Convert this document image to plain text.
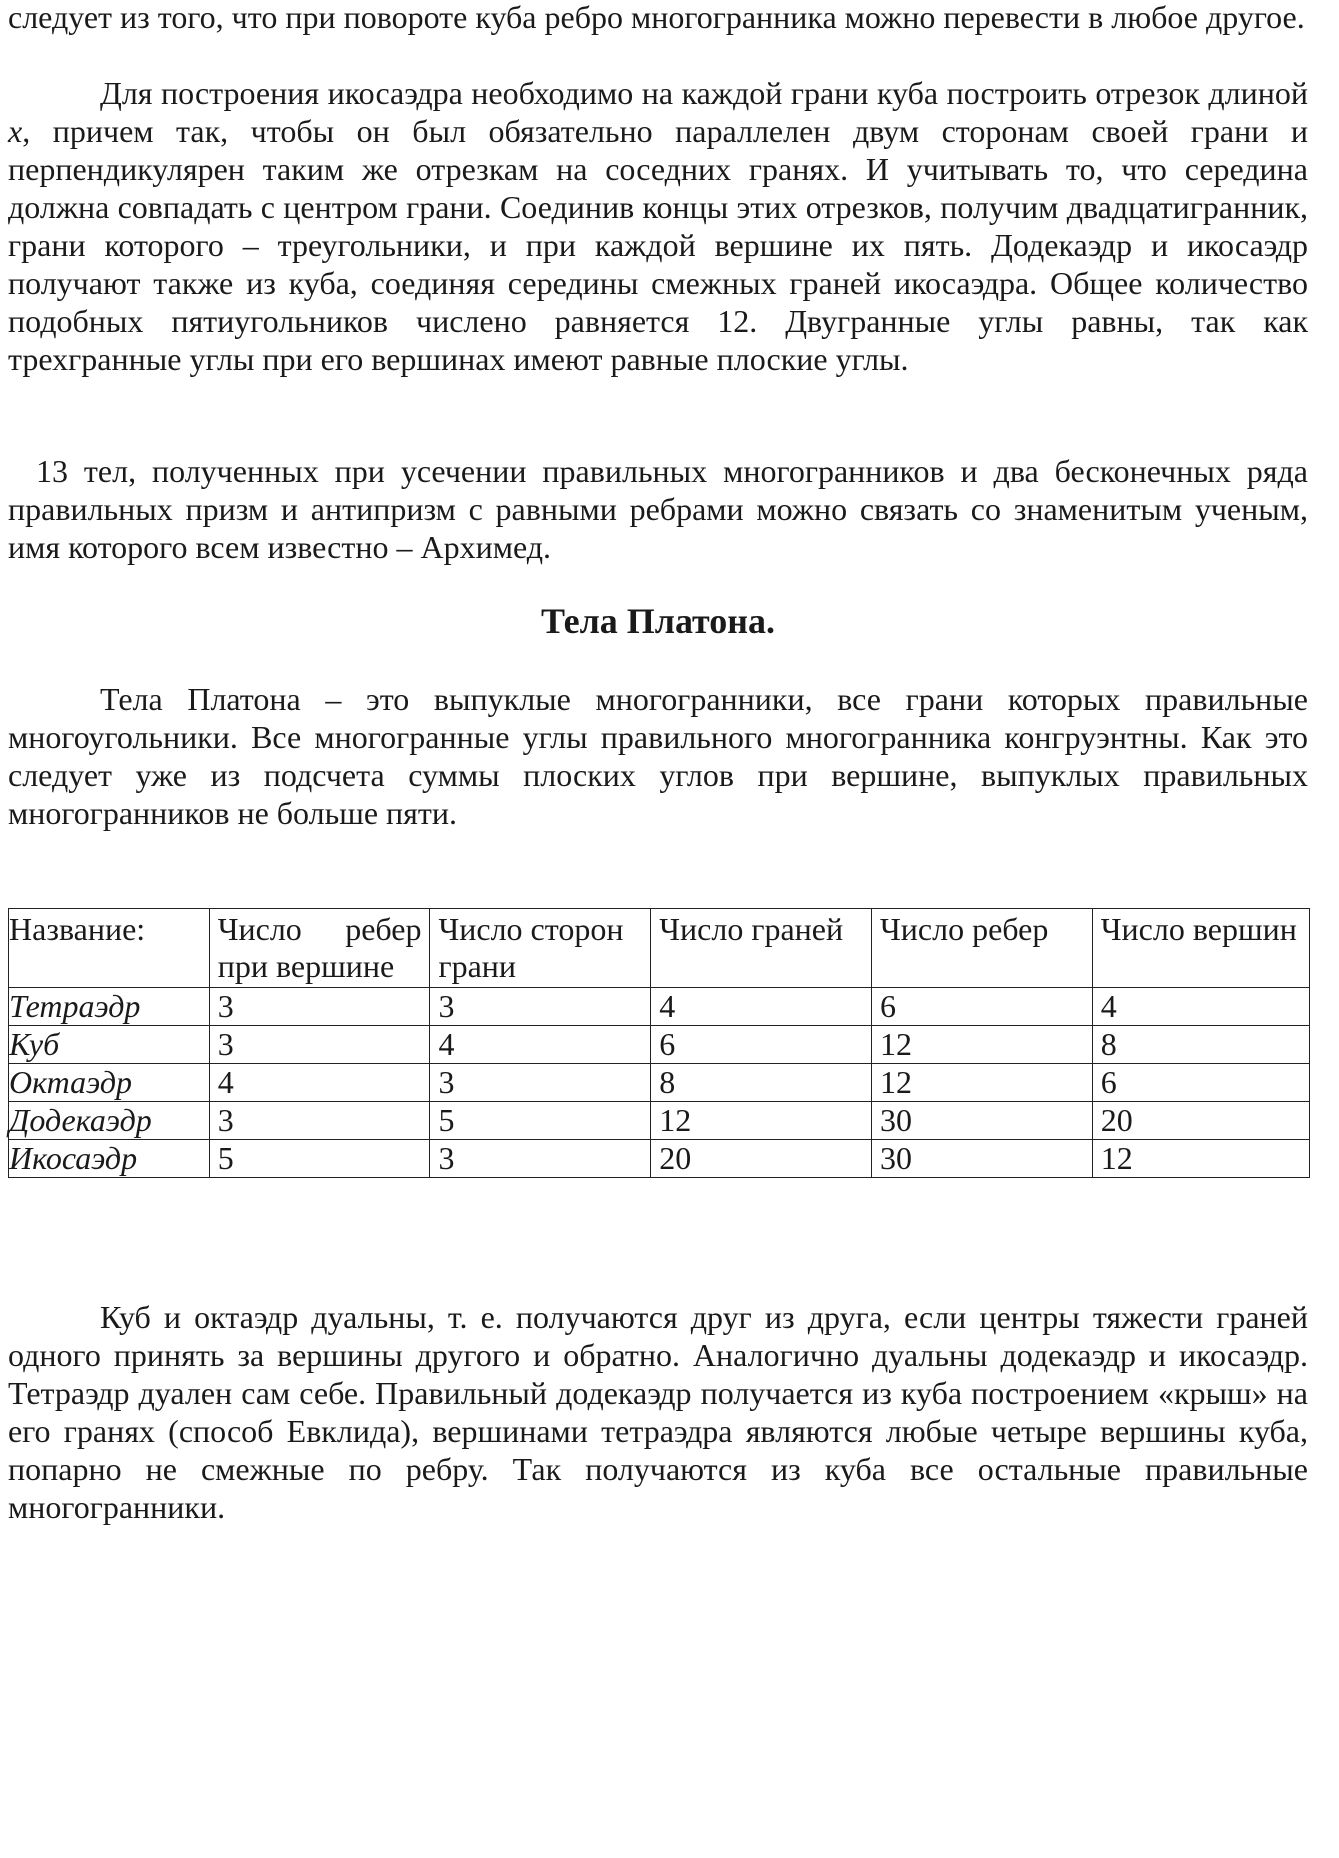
следует из того, что при повороте куба ребро многогранника можно перевести в любое другое.

Для построения икосаэдра необходимо на каждой грани куба построить отрезок длиной x, причем так, чтобы он был обязательно параллелен двум сторонам своей грани и перпендикулярен таким же отрезкам на соседних гранях. И учитывать то, что середина должна совпадать с центром грани. Соединив концы этих отрезков, получим двадцатигранник, грани которого – треугольники, и при каждой вершине их пять. Додекаэдр и икосаэдр получают также из куба, соединяя середины смежных граней икосаэдра. Общее количество подобных пятиугольников числено равняется 12. Двугранные углы равны, так как трехгранные углы при его вершинах имеют равные плоские углы.

13 тел, полученных при усечении правильных многогранников и два бесконечных ряда правильных призм и антипризм с равными ребрами можно связать со знаменитым ученым, имя которого всем известно – Архимед.

Тела Платона.

Тела Платона – это выпуклые многогранники, все грани которых правильные многоугольники. Все многогранные углы правильного многогранника конгруэнтны. Как это следует уже из подсчета суммы плоских углов при вершине, выпуклых правильных многогранников не больше пяти.

Название:	Число ребер при вершине	Число сторон грани	Число граней	Число ребер	Число вершин
Тетраэдр	3	3	4	6	4
Куб	3	4	6	12	8
Октаэдр	4	3	8	12	6
Додекаэдр	3	5	12	30	20
Икосаэдр	5	3	20	30	12

Куб и октаэдр дуальны, т. е. получаются друг из друга, если центры тяжести граней одного принять за вершины другого и обратно. Аналогично дуальны додекаэдр и икосаэдр. Тетраэдр дуален сам себе. Правильный додекаэдр получается из куба построением «крыш» на его гранях (способ Евклида), вершинами тетраэдра являются любые четыре вершины куба, попарно не смежные по ребру. Так получаются из куба все остальные правильные многогранники.
